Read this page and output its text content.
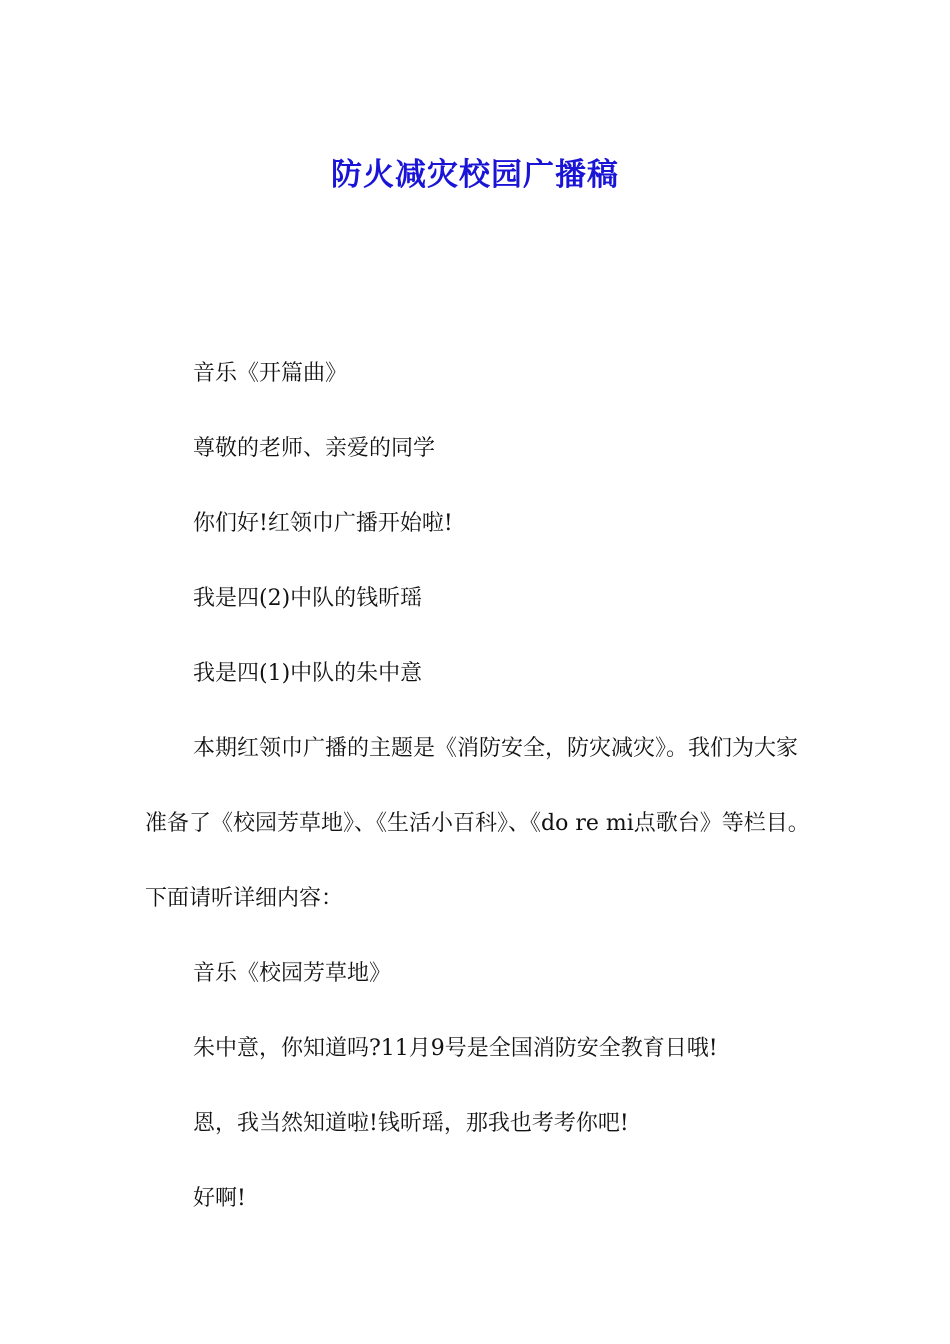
防火减灾校园广播稿

音乐《开篇曲》

尊敬的老师、亲爱的同学

你们好!红领巾广播开始啦!

我是四(2)中队的钱昕瑶

我是四(1)中队的朱中意

本期红领巾广播的主题是《消防安全，防灾减灾》。我们为大家准备了《校园芳草地》、《生活小百科》、《do re mi点歌台》等栏目。下面请听详细内容：

音乐《校园芳草地》

朱中意，你知道吗?11月9号是全国消防安全教育日哦!

恩，我当然知道啦!钱昕瑶，那我也考考你吧!

好啊!
